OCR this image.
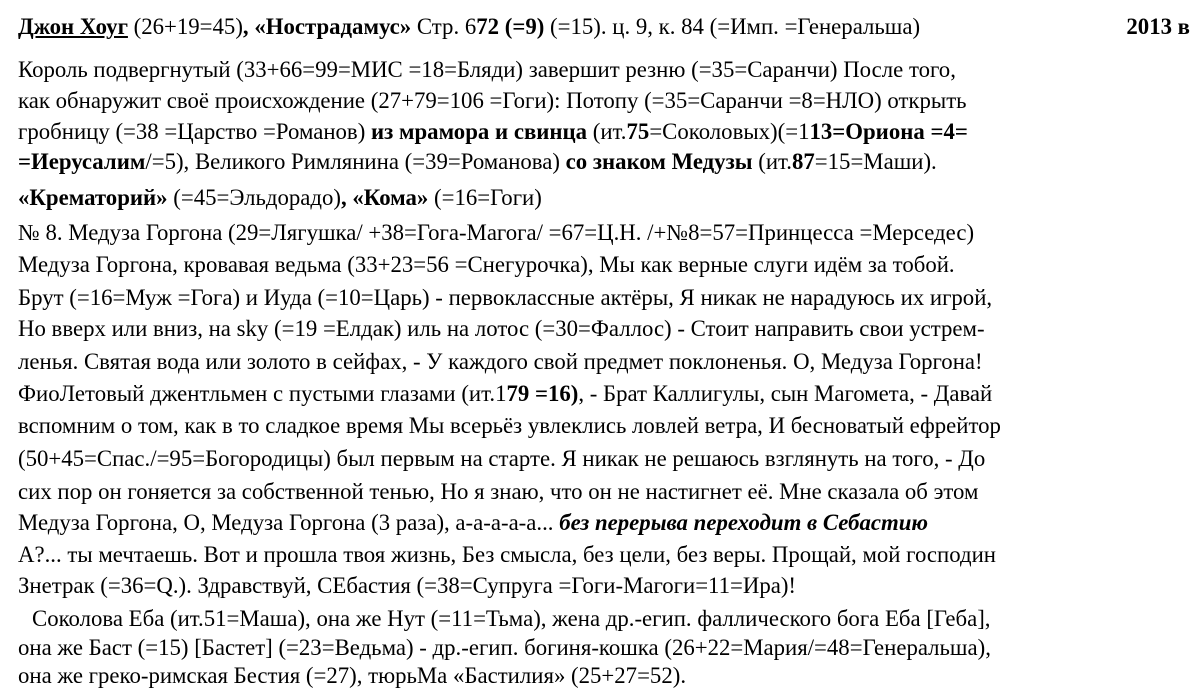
2013 в
Джон Хоуг (26+19=45), «Нострадамус» Стр. 672 (=9) (=15). ц. 9, к. 84 (=Имп. =Генеральша)
Король подвергнутый (33+66=99=МИС =18=Бляди) завершит резню (=35=Саранчи) После того,
как обнаружит своё происхождение (27+79=106 =Гоги): Потопу (=35=Саранчи =8=НЛО) открыть
гробницу (=38 =Царство =Романов) из мрамора и свинца (ит.75=Соколовых)(=113=Ориона =4=
=Иерусалим/=5), Великого Римлянина (=39=Романова) со знаком Медузы (ит.87=15=Маши).
«Крематорий» (=45=Эльдорадо), «Кома» (=16=Гоги)
№ 8. Медуза Горгона (29=Лягушка/ +38=Гога-Магога/ =67=Ц.Н. /+№8=57=Принцесса =Мерседес)
Медуза Горгона, кровавая ведьма (33+23=56 =Снегурочка), Мы как верные слуги идём за тобой.
Брут (=16=Муж =Гога) и Иуда (=10=Царь) - первоклассные актёры, Я никак не нарадуюсь их игрой,
Но вверх или вниз, на sky (=19 =Елдак) иль на лотос (=30=Фаллос) - Стоит направить свои устрем-
ленья. Святая вода или золото в сейфах, - У каждого свой предмет поклоненья. О, Медуза Горгона!
ФиоЛетовый джентльмен с пустыми глазами (ит.179 =16), - Брат Каллигулы, сын Магомета, - Давай
вспомним о том, как в то сладкое время Мы всерьёз увлеклись ловлей ветра, И бесноватый ефрейтор
(50+45=Спас./=95=Богородицы) был первым на старте. Я никак не решаюсь взглянуть на того, - До
сих пор он гоняется за собственной тенью, Но я знаю, что он не настигнет её. Мне сказала об этом
Медуза Горгона, О, Медуза Горгона (3 раза), а-а-а-а-а... без перерыва переходит в Себастию
А?... ты мечтаешь. Вот и прошла твоя жизнь, Без смысла, без цели, без веры. Прощай, мой господин
Знетрак (=36=Q.). Здравствуй, СЕбастия (=38=Супруга =Гоги-Магоги=11=Ира)!
Соколова Еба (ит.51=Маша), она же Нут (=11=Тьма), жена др.-егип. фаллического бога Еба [Геба],
она же Баст (=15) [Бастет] (=23=Ведьма) - др.-егип. богиня-кошка (26+22=Мария/=48=Генеральша),
она же греко-римская Бестия (=27), тюрьМа «Бастилия» (25+27=52).
